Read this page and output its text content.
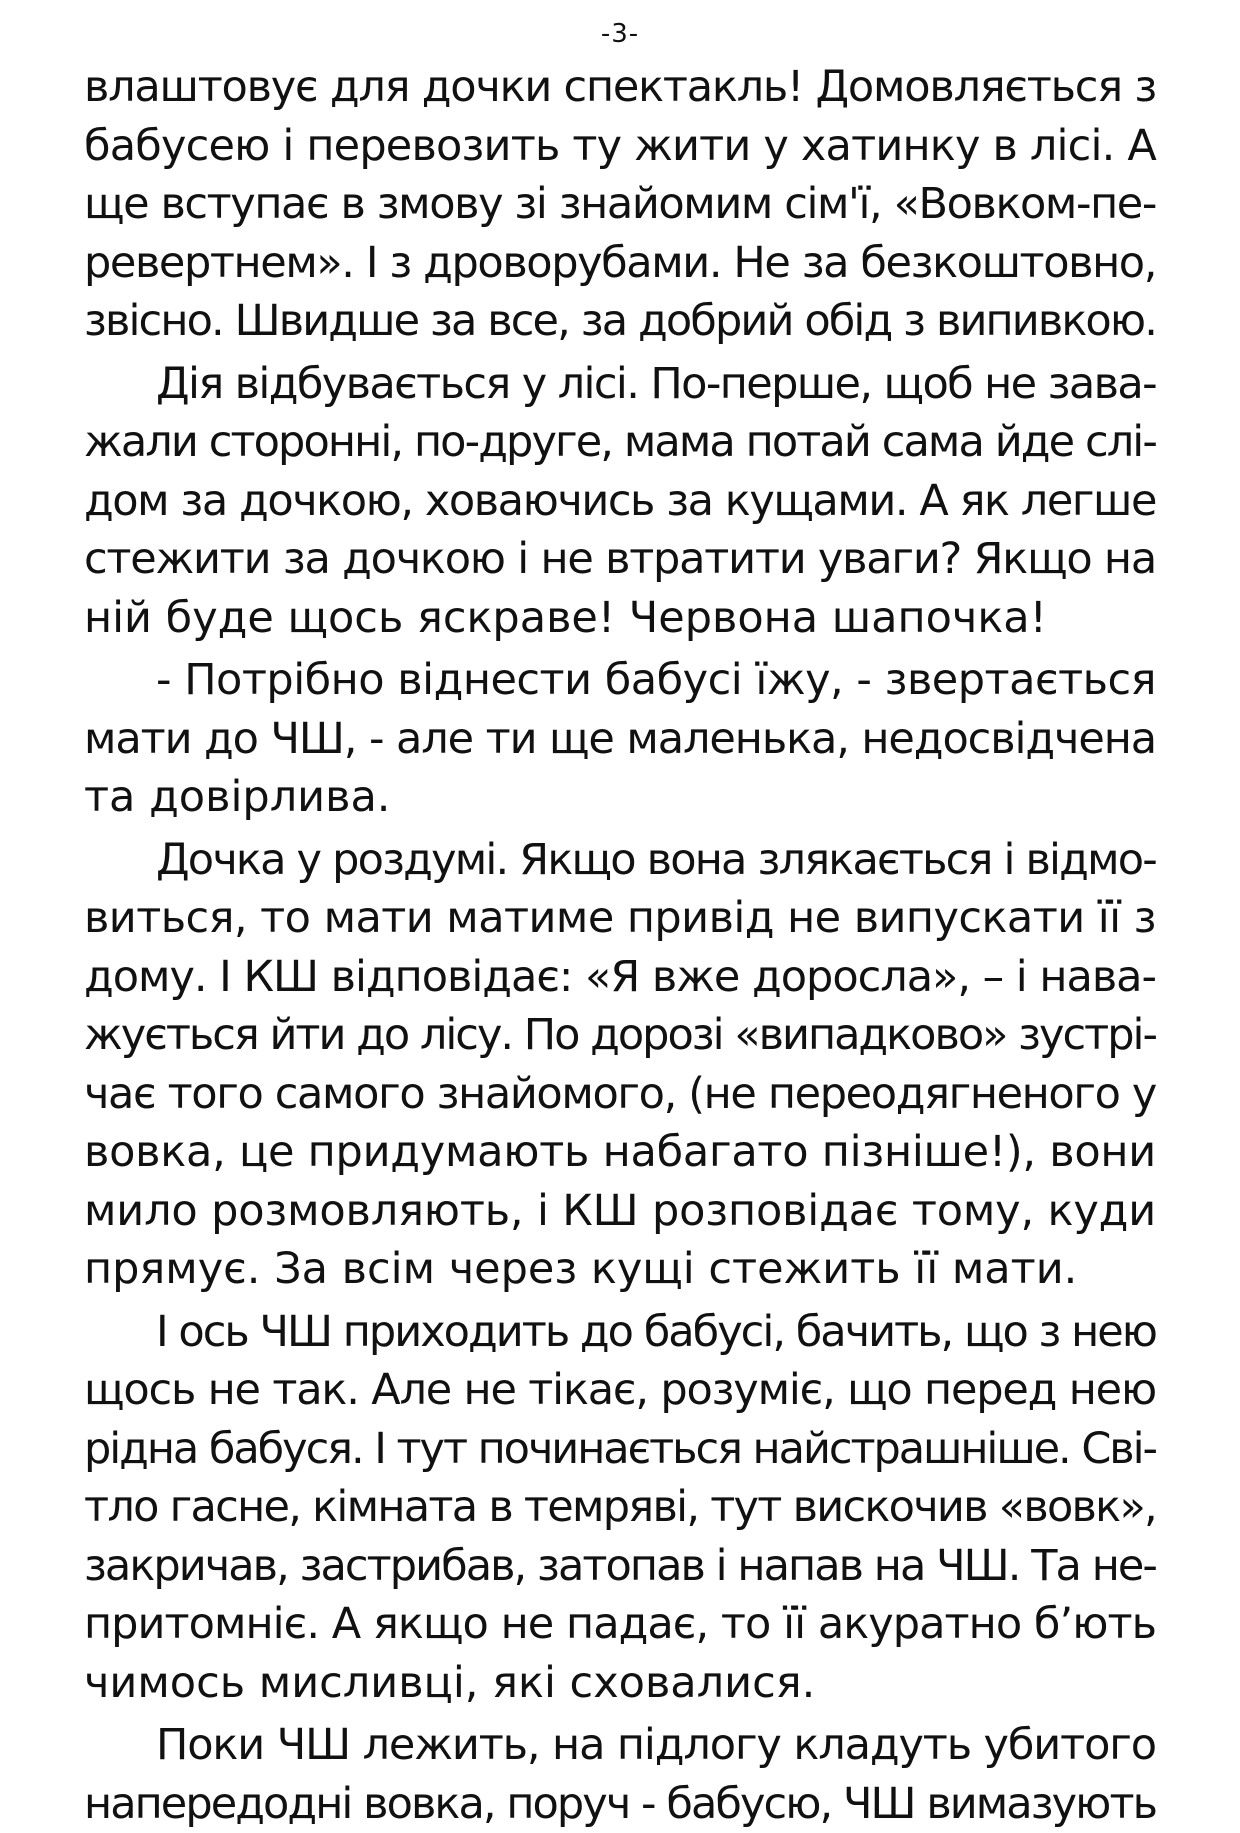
-3-
влаштовує для дочки спектакль! Домовляється з
бабусею і перевозить ту жити у хатинку в лісі. А
ще вступає в змову зі знайомим сім'ї, «Вовком-пе-
ревертнем». І з дроворубами. Не за безкоштовно,
звісно. Швидше за все, за добрий обід з випивкою.
Дія відбувається у лісі. По-перше, щоб не зава-
жали сторонні, по-друге, мама потай сама йде слі-
дом за дочкою, ховаючись за кущами. А як легше
стежити за дочкою і не втратити уваги? Якщо на
ній буде щось яскраве! Червона шапочка!
- Потрібно віднести бабусі їжу, - звертається
мати до ЧШ, - але ти ще маленька, недосвідчена
та довірлива.
Дочка у роздумі. Якщо вона злякається і відмо-
виться, то мати матиме привід не випускати її з
дому. І КШ відповідає: «Я вже доросла», – і нава-
жується йти до лісу. По дорозі «випадково» зустрі-
чає того самого знайомого, (не переодягненого у
вовка, це придумають набагато пізніше!), вони
мило розмовляють, і КШ розповідає тому, куди
прямує. За всім через кущі стежить її мати.
І ось ЧШ приходить до бабусі, бачить, що з нею
щось не так. Але не тікає, розуміє, що перед нею
рідна бабуся. І тут починається найстрашніше. Сві-
тло гасне, кімната в темряві, тут вискочив «вовк»,
закричав, застрибав, затопав і напав на ЧШ. Та не-
притомніє. А якщо не падає, то її акуратно б’ють
чимось мисливці, які сховалися.
Поки ЧШ лежить, на підлогу кладуть убитого
напередодні вовка, поруч - бабусю, ЧШ вимазують
